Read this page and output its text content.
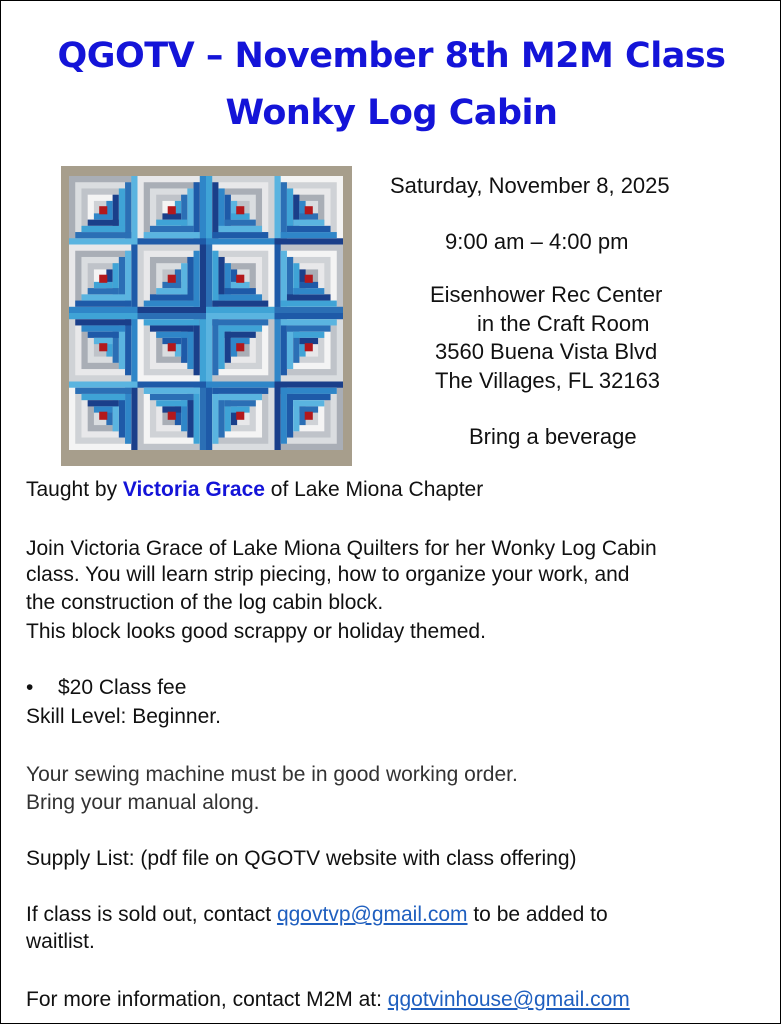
QGOTV – November 8th M2M Class
Wonky Log Cabin
Saturday, November 8, 2025
9:00 am – 4:00 pm
Eisenhower Rec Center
in the Craft Room
3560 Buena Vista Blvd
The Villages, FL 32163
Bring a beverage
Taught by Victoria Grace of Lake Miona Chapter
Join Victoria Grace of Lake Miona Quilters for her Wonky Log Cabin
class. You will learn strip piecing, how to organize your work, and
the construction of the log cabin block.
This block looks good scrappy or holiday themed.
• $20 Class fee
Skill Level: Beginner.
Your sewing machine must be in good working order.
Bring your manual along.
Supply List: (pdf file on QGOTV website with class offering)
If class is sold out, contact qgovtvp@gmail.com to be added to
waitlist.
For more information, contact M2M at: qgotvinhouse@gmail.com
